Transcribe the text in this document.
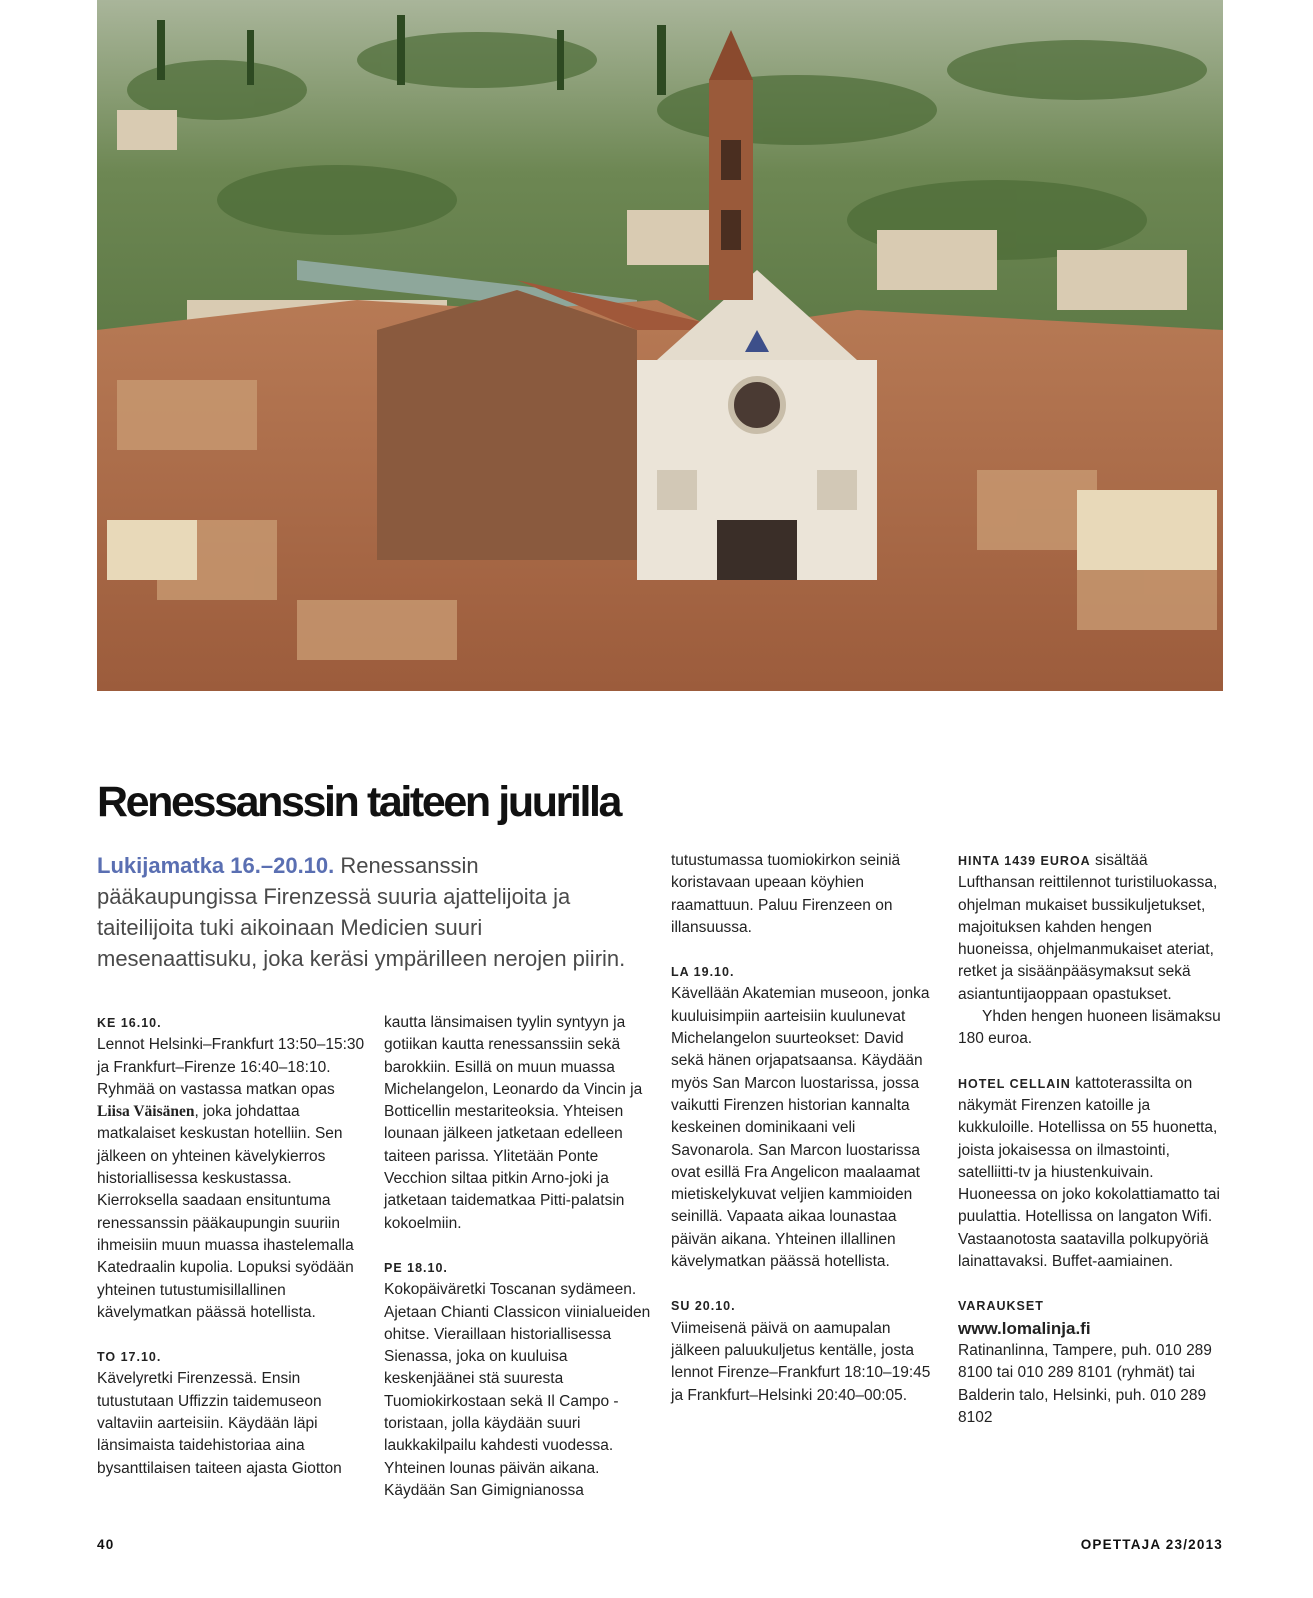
Renessanssin taiteen juurilla

Lukijamatka 16.–20.10. Renessanssin pääkaupungissa Firenzessä suuria ajattelijoita ja taiteilijoita tuki aikoinaan Medicien suuri mesenaattisuku, joka keräsi ympärilleen nerojen piirin.

KE 16.10.

Lennot Helsinki–Frankfurt 13:50–15:30 ja Frankfurt–Firenze 16:40–18:10. Ryhmää on vastassa matkan opas Liisa Väisänen, joka johdattaa matkalaiset keskustan hotelliin. Sen jälkeen on yhteinen kävelykierros historiallisessa keskustassa. Kierroksella saadaan ensituntuma renessanssin pääkaupungin suuriin ihmeisiin muun muassa ihastelemalla Katedraalin kupolia. Lopuksi syödään yhteinen tutustumisillallinen kävelymatkan päässä hotellista.

TO 17.10.

Kävelyretki Firenzessä. Ensin tutustutaan Uffizzin taidemuseon valtaviin aarteisiin. Käydään läpi länsimaista taidehistoriaa aina bysanttilaisen taiteen ajasta Giotton

kautta länsimaisen tyylin syntyyn ja gotiikan kautta renessanssiin sekä barokkiin. Esillä on muun muassa Michelangelon, Leonardo da Vincin ja Botticellin mestariteoksia. Yhteisen lounaan jälkeen jatketaan edelleen taiteen parissa. Ylitetään Ponte Vecchion siltaa pitkin Arno-joki ja jatketaan taidematkaa Pitti-palatsin kokoelmiin.

PE 18.10.

Kokopäiväretki Toscanan sydämeen. Ajetaan Chianti Classicon viinialueiden ohitse. Vieraillaan historiallisessa Sienassa, joka on kuuluisa keskenjäänei stä suuresta Tuomiokirkostaan sekä Il Campo -toristaan, jolla käydään suuri laukkakilpailu kahdesti vuodessa. Yhteinen lounas päivän aikana. Käydään San Gimignianossa

tutustumassa tuomiokirkon seiniä koristavaan upeaan köyhien raamattuun. Paluu Firenzeen on illansuussa.

LA 19.10.

Kävellään Akatemian museoon, jonka kuuluisimpiin aarteisiin kuulunevat Michelangelon suurteokset: David sekä hänen orjapatsaansa. Käydään myös San Marcon luostarissa, jossa vaikutti Firenzen historian kannalta keskeinen dominikaani veli Savonarola. San Marcon luostarissa ovat esillä Fra Angelicon maalaamat mietiskelykuvat veljien kammioiden seinillä. Vapaata aikaa lounastaa päivän aikana. Yhteinen illallinen kävelymatkan päässä hotellista.

SU 20.10.

Viimeisenä päivä on aamupalan jälkeen paluukuljetus kentälle, josta lennot Firenze–Frankfurt 18:10–19:45 ja Frankfurt–Helsinki 20:40–00:05.

HINTA 1439 EUROA sisältää Lufthansan reittilennot turistiluokassa, ohjelman mukaiset bussikuljetukset, majoituksen kahden hengen huoneissa, ohjelmanmukaiset ateriat, retket ja sisäänpääsymaksut sekä asiantuntijaoppaan opastukset.

Yhden hengen huoneen lisämaksu 180 euroa.

HOTEL CELLAIN kattoterassilta on näkymät Firenzen katoille ja kukkuloille. Hotellissa on 55 huonetta, joista jokaisessa on ilmastointi, satelliitti-tv ja hiustenkuivain. Huoneessa on joko kokolattiamatto tai puulattia. Hotellissa on langaton Wifi. Vastaanotosta saatavilla polkupyöriä lainattavaksi. Buffet-aamiainen.

VARAUKSET

www.lomalinja.fi

Ratinanlinna, Tampere, puh. 010 289 8100 tai 010 289 8101 (ryhmät) tai Balderin talo, Helsinki, puh. 010 289 8102

40	OPETTAJA 23/2013
